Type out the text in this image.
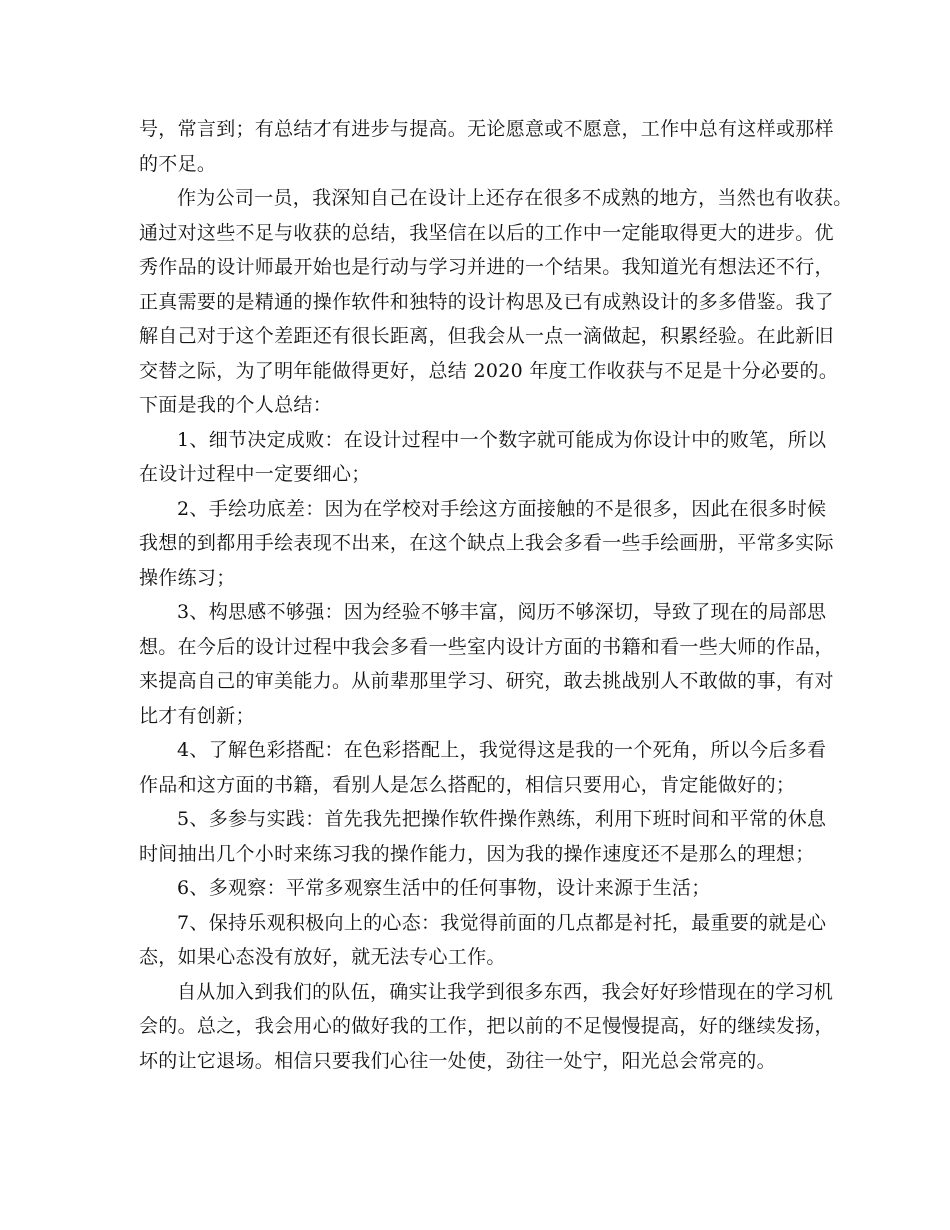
号，常言到；有总结才有进步与提高。无论愿意或不愿意，工作中总有这样或那样
的不足。
作为公司一员，我深知自己在设计上还存在很多不成熟的地方，当然也有收获。
通过对这些不足与收获的总结，我坚信在以后的工作中一定能取得更大的进步。优
秀作品的设计师最开始也是行动与学习并进的一个结果。我知道光有想法还不行，
正真需要的是精通的操作软件和独特的设计构思及已有成熟设计的多多借鉴。我了
解自己对于这个差距还有很长距离，但我会从一点一滴做起，积累经验。在此新旧
交替之际，为了明年能做得更好，总结 2020 年度工作收获与不足是十分必要的。
下面是我的个人总结：
1、细节决定成败：在设计过程中一个数字就可能成为你设计中的败笔，所以
在设计过程中一定要细心；
2、手绘功底差：因为在学校对手绘这方面接触的不是很多，因此在很多时候
我想的到都用手绘表现不出来，在这个缺点上我会多看一些手绘画册，平常多实际
操作练习；
3、构思感不够强：因为经验不够丰富，阅历不够深切，导致了现在的局部思
想。在今后的设计过程中我会多看一些室内设计方面的书籍和看一些大师的作品，
来提高自己的审美能力。从前辈那里学习、研究，敢去挑战别人不敢做的事，有对
比才有创新；
4、了解色彩搭配：在色彩搭配上，我觉得这是我的一个死角，所以今后多看
作品和这方面的书籍，看别人是怎么搭配的，相信只要用心，肯定能做好的；
5、多参与实践：首先我先把操作软件操作熟练，利用下班时间和平常的休息
时间抽出几个小时来练习我的操作能力，因为我的操作速度还不是那么的理想；
6、多观察：平常多观察生活中的任何事物，设计来源于生活；
7、保持乐观积极向上的心态：我觉得前面的几点都是衬托，最重要的就是心
态，如果心态没有放好，就无法专心工作。
自从加入到我们的队伍，确实让我学到很多东西，我会好好珍惜现在的学习机
会的。总之，我会用心的做好我的工作，把以前的不足慢慢提高，好的继续发扬，
坏的让它退场。相信只要我们心往一处使，劲往一处宁，阳光总会常亮的。
